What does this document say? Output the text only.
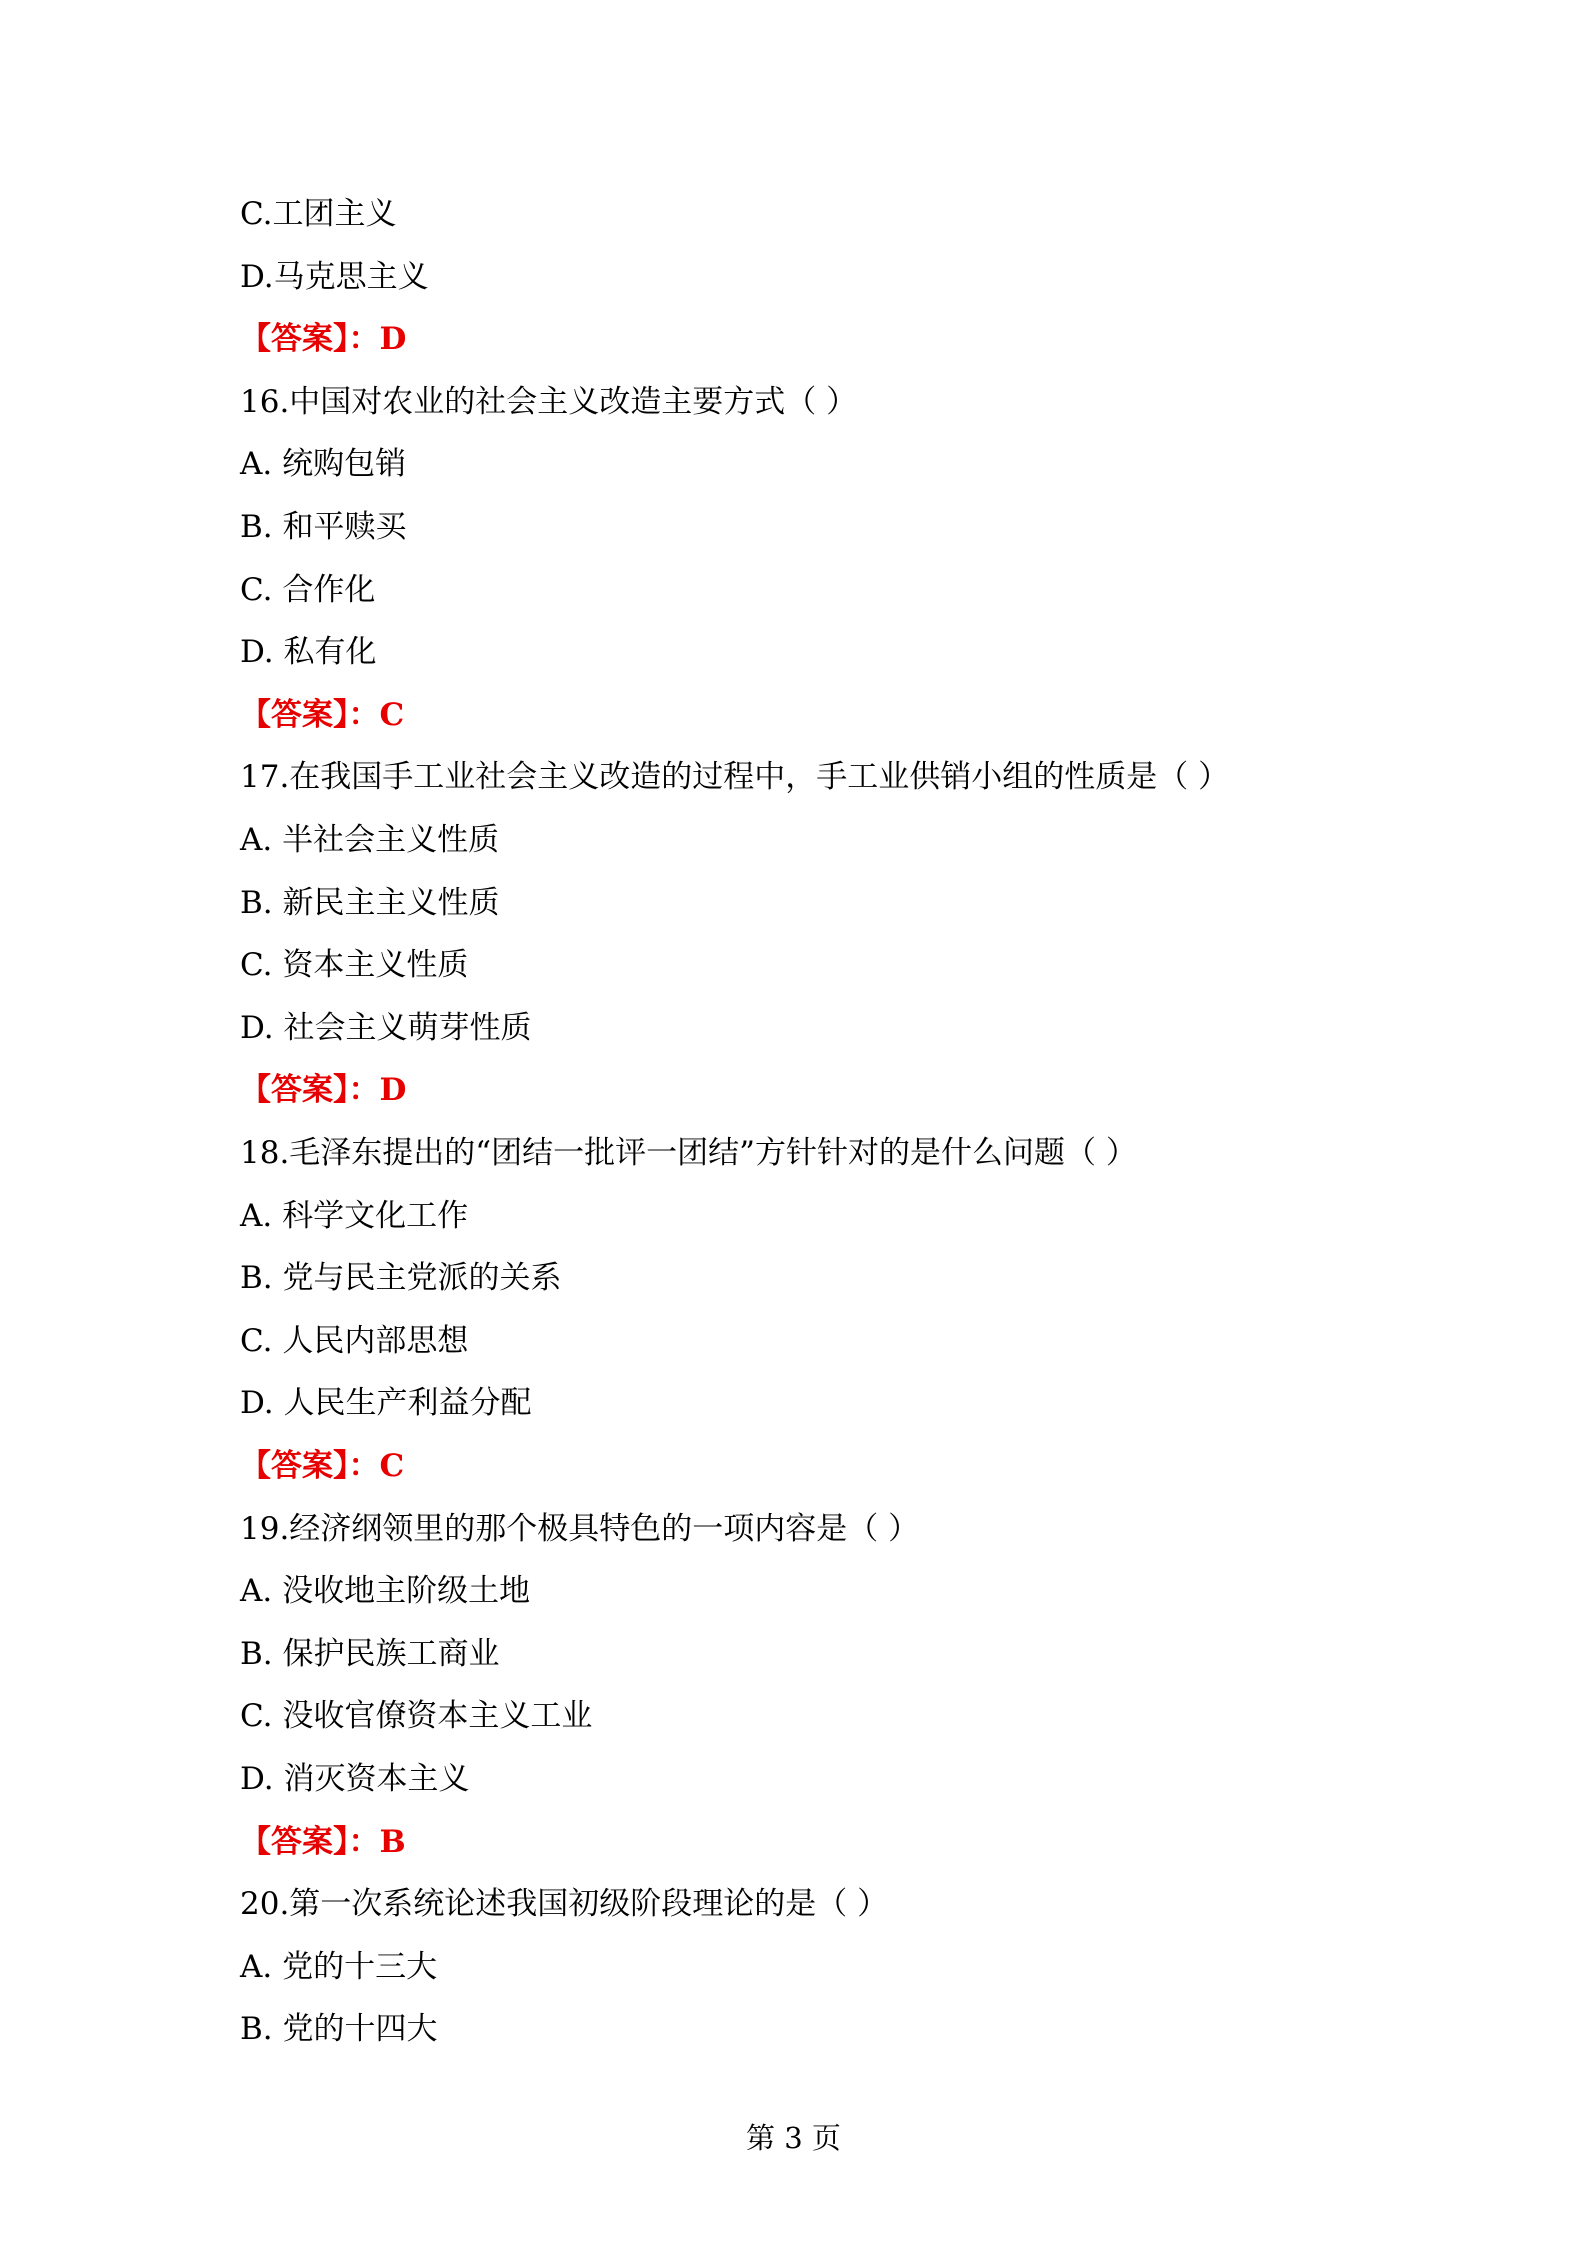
C.工团主义
D.马克思主义
【答案】：D
16.中国对农业的社会主义改造主要方式（ ）
A. 统购包销
B. 和平赎买
C. 合作化
D. 私有化
【答案】：C
17.在我国手工业社会主义改造的过程中，手工业供销小组的性质是（ ）
A. 半社会主义性质
B. 新民主主义性质
C. 资本主义性质
D. 社会主义萌芽性质
【答案】：D
18.毛泽东提出的“团结一批评一团结”方针针对的是什么问题（ ）
A. 科学文化工作
B. 党与民主党派的关系
C. 人民内部思想
D. 人民生产利益分配
【答案】：C
19.经济纲领里的那个极具特色的一项内容是（ ）
A. 没收地主阶级土地
B. 保护民族工商业
C. 没收官僚资本主义工业
D. 消灭资本主义
【答案】：B
20.第一次系统论述我国初级阶段理论的是（ ）
A. 党的十三大
B. 党的十四大
第 3 页
